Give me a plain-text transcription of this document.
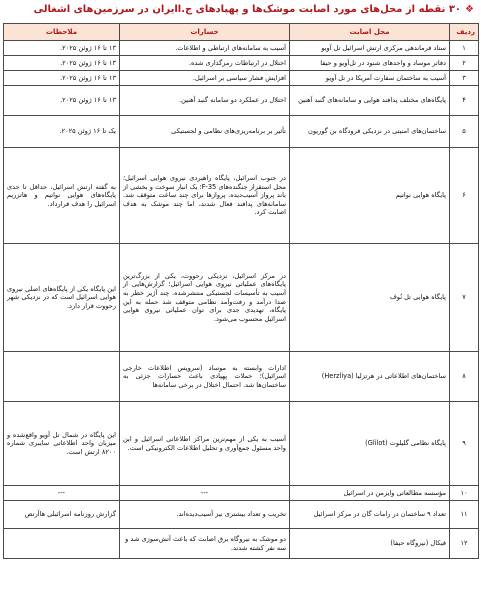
❖۳۰ نقطه از محل‌های مورد اصابت موشک‌ها و پهپادهای ج.اایران در سرزمین‌های اشغالی
ردیف	محل اصابت	خسارات	ملاحظات
۱	ستاد فرماندهی مرکزی ارتش اسرائیل تل آویو	آسیب به سامانه‌های ارتباطی و اطلاعات.	۱۳ تا ۱۶ ژوئن ۲۰۲۵.
۲	دفاتر موساد و واحدهای شنود در تل‌آویو و حیفا	اختلال در ارتباطات رمزگذاری شده.	۱۳ تا ۱۶ ژوئن ۲۰۲۵.
۳	آسیب به ساختمان سفارت آمریکا در تل آویو	افزایش فشار سیاسی بر اسرائیل.	۱۳ تا ۱۶ ژوئن ۲۰۲۵.
۴	پایگاه‌های مختلف پدافند هوایی و سامانه‌های گنبد آهنین	اختلال در عملکرد دو سامانه گنبد آهنین.	۱۳ تا ۱۶ ژوئن ۲۰۲۵.
۵	ساختمان‌های امنیتی در نزدیکی فرودگاه بن گوریون	تأثیر بر برنامه‌ریزی‌های نظامی و لجستیکی	یک تا ۱۶ ژوئن ۲۰۲۵.
۶	پایگاه هوایی نواتیم	در جنوب اسرائیل، پایگاه راهبردی نیروی هوایی اسرائیل؛ محل استقرار جنگنده‌های F-35؛ یک انبار سوخت و بخشی از باند پرواز آسیب‌دیده. پروازها برای چند ساعت متوقف شد. سامانه‌های پدافند فعال شدند، اما چند موشک به هدف اصابت کرد.	به گفته ارتش اسرائیل، حداقل تا حدی پایگاه‌های هوایی نواتیم و هاتزریم اسرائیل را هدف قرارداد.
۷	پایگاه هوایی تل نُوف	در مرکز اسرائیل، نزدیکی رحووت، یکی از بزرگ‌ترین پایگاه‌های عملیاتی نیروی هوایی اسرائیل؛ گزارش‌هایی از آسیب به تأسیسات لجستیکی منتشرشده. چند آژیر خطر به صدا درآمد و رفت‌وآمد نظامی متوقف شد حمله به این پایگاه، تهدیدی جدی برای توان عملیاتی نیروی هوایی اسرائیل محسوب می‌شود.	این پایگاه یکی از پایگاه‌های اصلی نیروی هوایی اسرائیل است که در نزدیکی شهر رحووت قرار دارد.
۸	ساختمان‌های اطلاعاتی در هرتزلیا (Herzliya)	ادارات وابسته به موساد (سرویس اطلاعات خارجی اسرائیل)؛ حملات پهپادی باعث خسارات جزئی به ساختمان‌ها شد. احتمال اختلال در برخی سامانه‌ها	
۹	پایگاه نظامی گلیلوت (Glilot)	آسیب به یکی از مهم‌ترین مراکز اطلاعاتی اسرائیل و این واحد مسئول جمع‌آوری و تحلیل اطلاعات الکترونیکی است.	این پایگاه در شمال تل آویو واقع‌شده و میزبان واحد اطلاعاتی سایبری شماره ۸۲۰۰ ارتش است.
۱۰	مؤسسه مطالعاتی وایزمن در اسرائیل	---	---
۱۱	تعداد ۹ ساختمان در رامات گان در مرکز اسرائیل	تخریب و تعداد بیشتری نیز آسیب‌دیده‌اند.	گزارش روزنامه اسرائیلی هاآرتص
۱۲	قیکال (نیروگاه حیفا)	دو موشک به نیروگاه برق اصابت که باعث آتش‌سوزی شد و سه نفر کشته شدند.	
